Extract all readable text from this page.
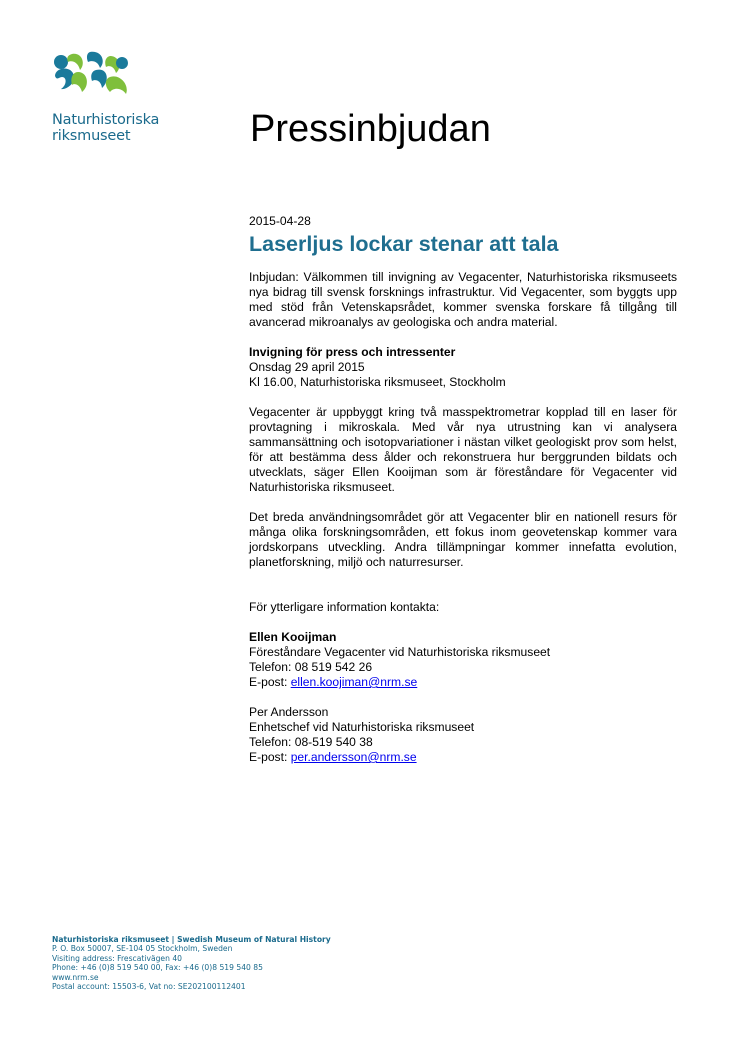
Naturhistoriska
riksmuseet	Pressinbjudan

2015-04-28

Laserljus lockar stenar att tala

Inbjudan: Välkommen till invigning av Vegacenter, Naturhistoriska riksmuseets nya bidrag till svensk forsknings infrastruktur. Vid Vegacenter, som byggts upp med stöd från Vetenskapsrådet, kommer svenska forskare få tillgång till avancerad mikroanalys av geologiska och andra material.

Invigning för press och intressenter

Onsdag 29 april 2015

Kl 16.00, Naturhistoriska riksmuseet, Stockholm

Vegacenter är uppbyggt kring två masspektrometrar kopplad till en laser för provtagning i mikroskala. Med vår nya utrustning kan vi analysera sammansättning och isotopvariationer i nästan vilket geologiskt prov som helst, för att bestämma dess ålder och rekonstruera hur berggrunden bildats och utvecklats, säger Ellen Kooijman som är föreståndare för Vegacenter vid Naturhistoriska riksmuseet.

Det breda användningsområdet gör att Vegacenter blir en nationell resurs för många olika forskningsområden, ett fokus inom geovetenskap kommer vara jordskorpans utveckling. Andra tillämpningar kommer innefatta evolution, planetforskning, miljö och naturresurser.

För ytterligare information kontakta:

Ellen Kooijman

Föreståndare Vegacenter vid Naturhistoriska riksmuseet

Telefon: 08 519 542 26

E-post: ellen.koojiman@nrm.se

Per Andersson

Enhetschef vid Naturhistoriska riksmuseet

Telefon: 08-519 540 38

E-post: per.andersson@nrm.se

Naturhistoriska riksmuseet | Swedish Museum of Natural History
P. O. Box 50007, SE-104 05 Stockholm, Sweden
Visiting address: Frescativägen 40
Phone: +46 (0)8 519 540 00, Fax: +46 (0)8 519 540 85
www.nrm.se
Postal account: 15503-6, Vat no: SE202100112401
